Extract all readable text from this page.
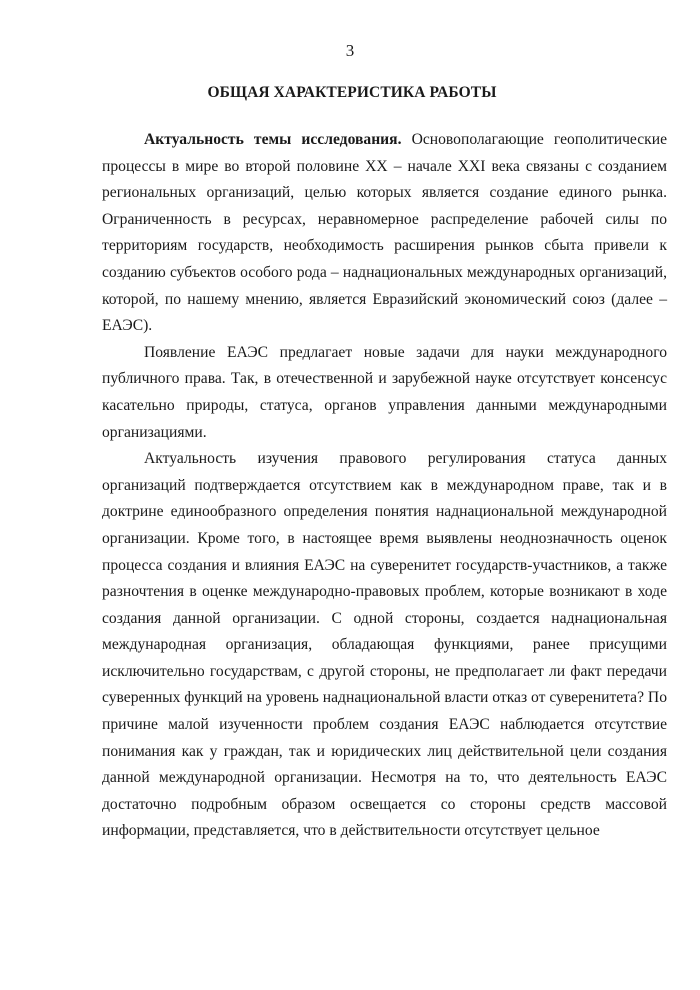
3
ОБЩАЯ ХАРАКТЕРИСТИКА РАБОТЫ

Актуальность темы исследования. Основополагающие геополитические процессы в мире во второй половине XX – начале XXI века связаны с созданием региональных организаций, целью которых является создание единого рынка. Ограниченность в ресурсах, неравномерное распределение рабочей силы по территориям государств, необходимость расширения рынков сбыта привели к созданию субъектов особого рода – наднациональных международных организаций, которой, по нашему мнению, является Евразийский экономический союз (далее – ЕАЭС).

Появление ЕАЭС предлагает новые задачи для науки международного публичного права. Так, в отечественной и зарубежной науке отсутствует консенсус касательно природы, статуса, органов управления данными международными организациями.

Актуальность изучения правового регулирования статуса данных организаций подтверждается отсутствием как в международном праве, так и в доктрине единообразного определения понятия наднациональной международной организации. Кроме того, в настоящее время выявлены неоднозначность оценок процесса создания и влияния ЕАЭС на суверенитет государств-участников, а также разночтения в оценке международно-правовых проблем, которые возникают в ходе создания данной организации. С одной стороны, создается наднациональная международная организация, обладающая функциями, ранее присущими исключительно государствам, с другой стороны, не предполагает ли факт передачи суверенных функций на уровень наднациональной власти отказ от суверенитета? По причине малой изученности проблем создания ЕАЭС наблюдается отсутствие понимания как у граждан, так и юридических лиц действительной цели создания данной международной организации. Несмотря на то, что деятельность ЕАЭС достаточно подробным образом освещается со стороны средств массовой информации, представляется, что в действительности отсутствует цельное
